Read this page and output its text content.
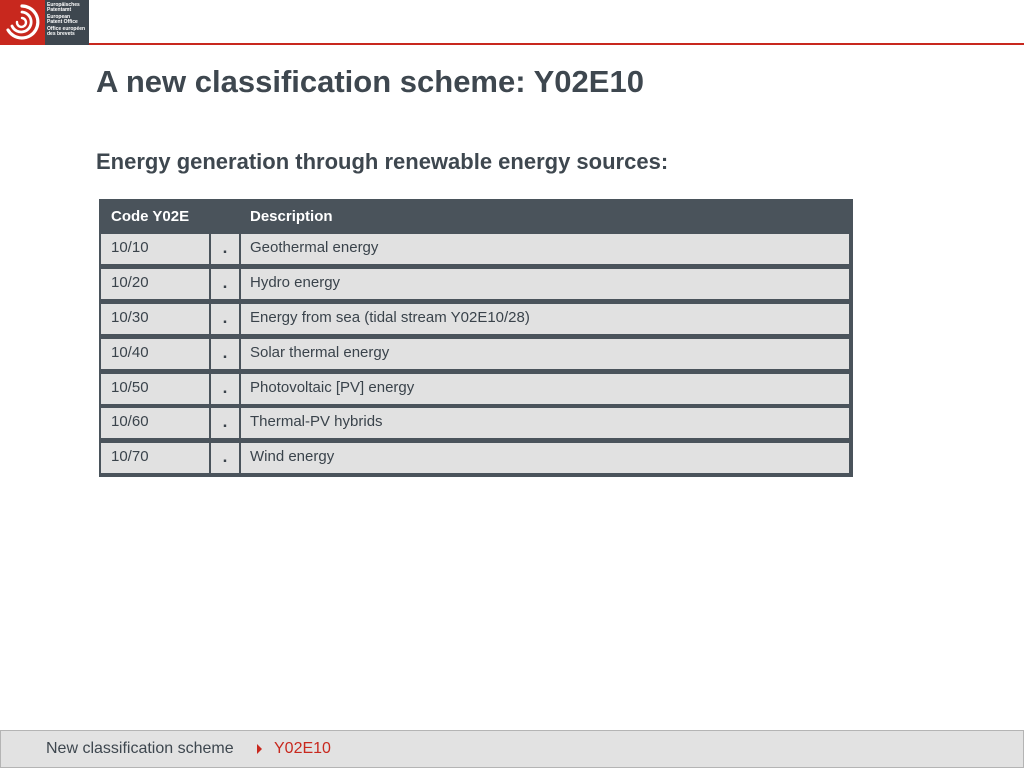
Europäisches
Patentamt
European
Patent Office
Office européen
des brevets
A new classification scheme: Y02E10
Energy generation through renewable energy sources:
Code Y02E	Description
10/10	.	Geothermal energy
10/20	.	Hydro energy
10/30	.	Energy from sea (tidal stream Y02E10/28)
10/40	.	Solar thermal energy
10/50	.	Photovoltaic [PV] energy
10/60	.	Thermal-PV hybrids
10/70	.	Wind energy
New classification scheme	Y02E10
